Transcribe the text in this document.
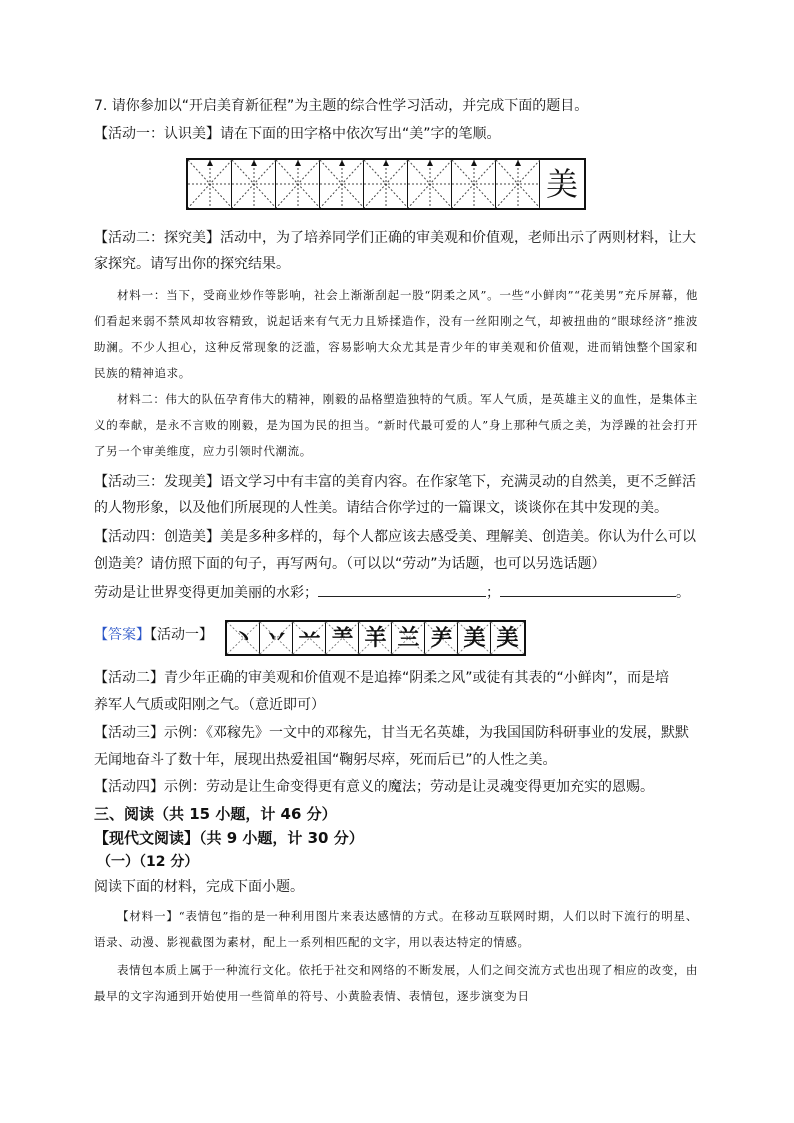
7. 请你参加以“开启美育新征程”为主题的综合性学习活动，并完成下面的题目。
【活动一：认识美】请在下面的田字格中依次写出“美”字的笔顺。
美
【活动二：探究美】活动中，为了培养同学们正确的审美观和价值观，老师出示了两则材料，让大
家探究。请写出你的探究结果。
材料一：当下，受商业炒作等影响，社会上渐渐刮起一股“阴柔之风”。一些“小鲜肉”“花美男”充斥屏幕，他们看起来弱不禁风却妆容精致，说起话来有气无力且矫揉造作，没有一丝阳刚之气，却被扭曲的“眼球经济”推波助澜。不少人担心，这种反常现象的泛滥，容易影响大众尤其是青少年的审美观和价值观，进而销蚀整个国家和民族的精神追求。
材料二：伟大的队伍孕育伟大的精神，刚毅的品格塑造独特的气质。军人气质，是英雄主义的血性，是集体主义的奉献，是永不言败的刚毅，是为国为民的担当。“新时代最可爱的人”身上那种气质之美，为浮躁的社会打开了另一个审美维度，应力引领时代潮流。
【活动三：发现美】语文学习中有丰富的美育内容。在作家笔下，充满灵动的自然美，更不乏鲜活
的人物形象，以及他们所展现的人性美。请结合你学过的一篇课文，谈谈你在其中发现的美。
【活动四：创造美】美是多种多样的，每个人都应该去感受美、理解美、创造美。你认为什么可以
创造美？请仿照下面的句子，再写两句。（可以以“劳动”为话题，也可以另选话题）
劳动是让世界变得更加美丽的水彩；	；	。
【答案】【活动一】 丶 丷 䒑 ⺷ 羊 兰 ⺶ 美 美
【活动二】青少年正确的审美观和价值观不是追捧“阴柔之风”或徒有其表的“小鲜肉”，而是培
养军人气质或阳刚之气。（意近即可）
【活动三】示例：《邓稼先》一文中的邓稼先，甘当无名英雄，为我国国防科研事业的发展，默默
无闻地奋斗了数十年，展现出热爱祖国“鞠躬尽瘁，死而后已”的人性之美。
【活动四】示例：劳动是让生命变得更有意义的魔法；劳动是让灵魂变得更加充实的恩赐。
三、阅读（共 15 小题，计 46 分）
【现代文阅读】（共 9 小题，计 30 分）
（一）（12 分）
阅读下面的材料，完成下面小题。
【材料一】“表情包”指的是一种利用图片来表达感情的方式。在移动互联网时期，人们以时下流行的明星、语录、动漫、影视截图为素材，配上一系列相匹配的文字，用以表达特定的情感。
表情包本质上属于一种流行文化。依托于社交和网络的不断发展，人们之间交流方式也出现了相应的改变，由最早的文字沟通到开始使用一些简单的符号、小黄脸表情、表情包，逐步演变为日
